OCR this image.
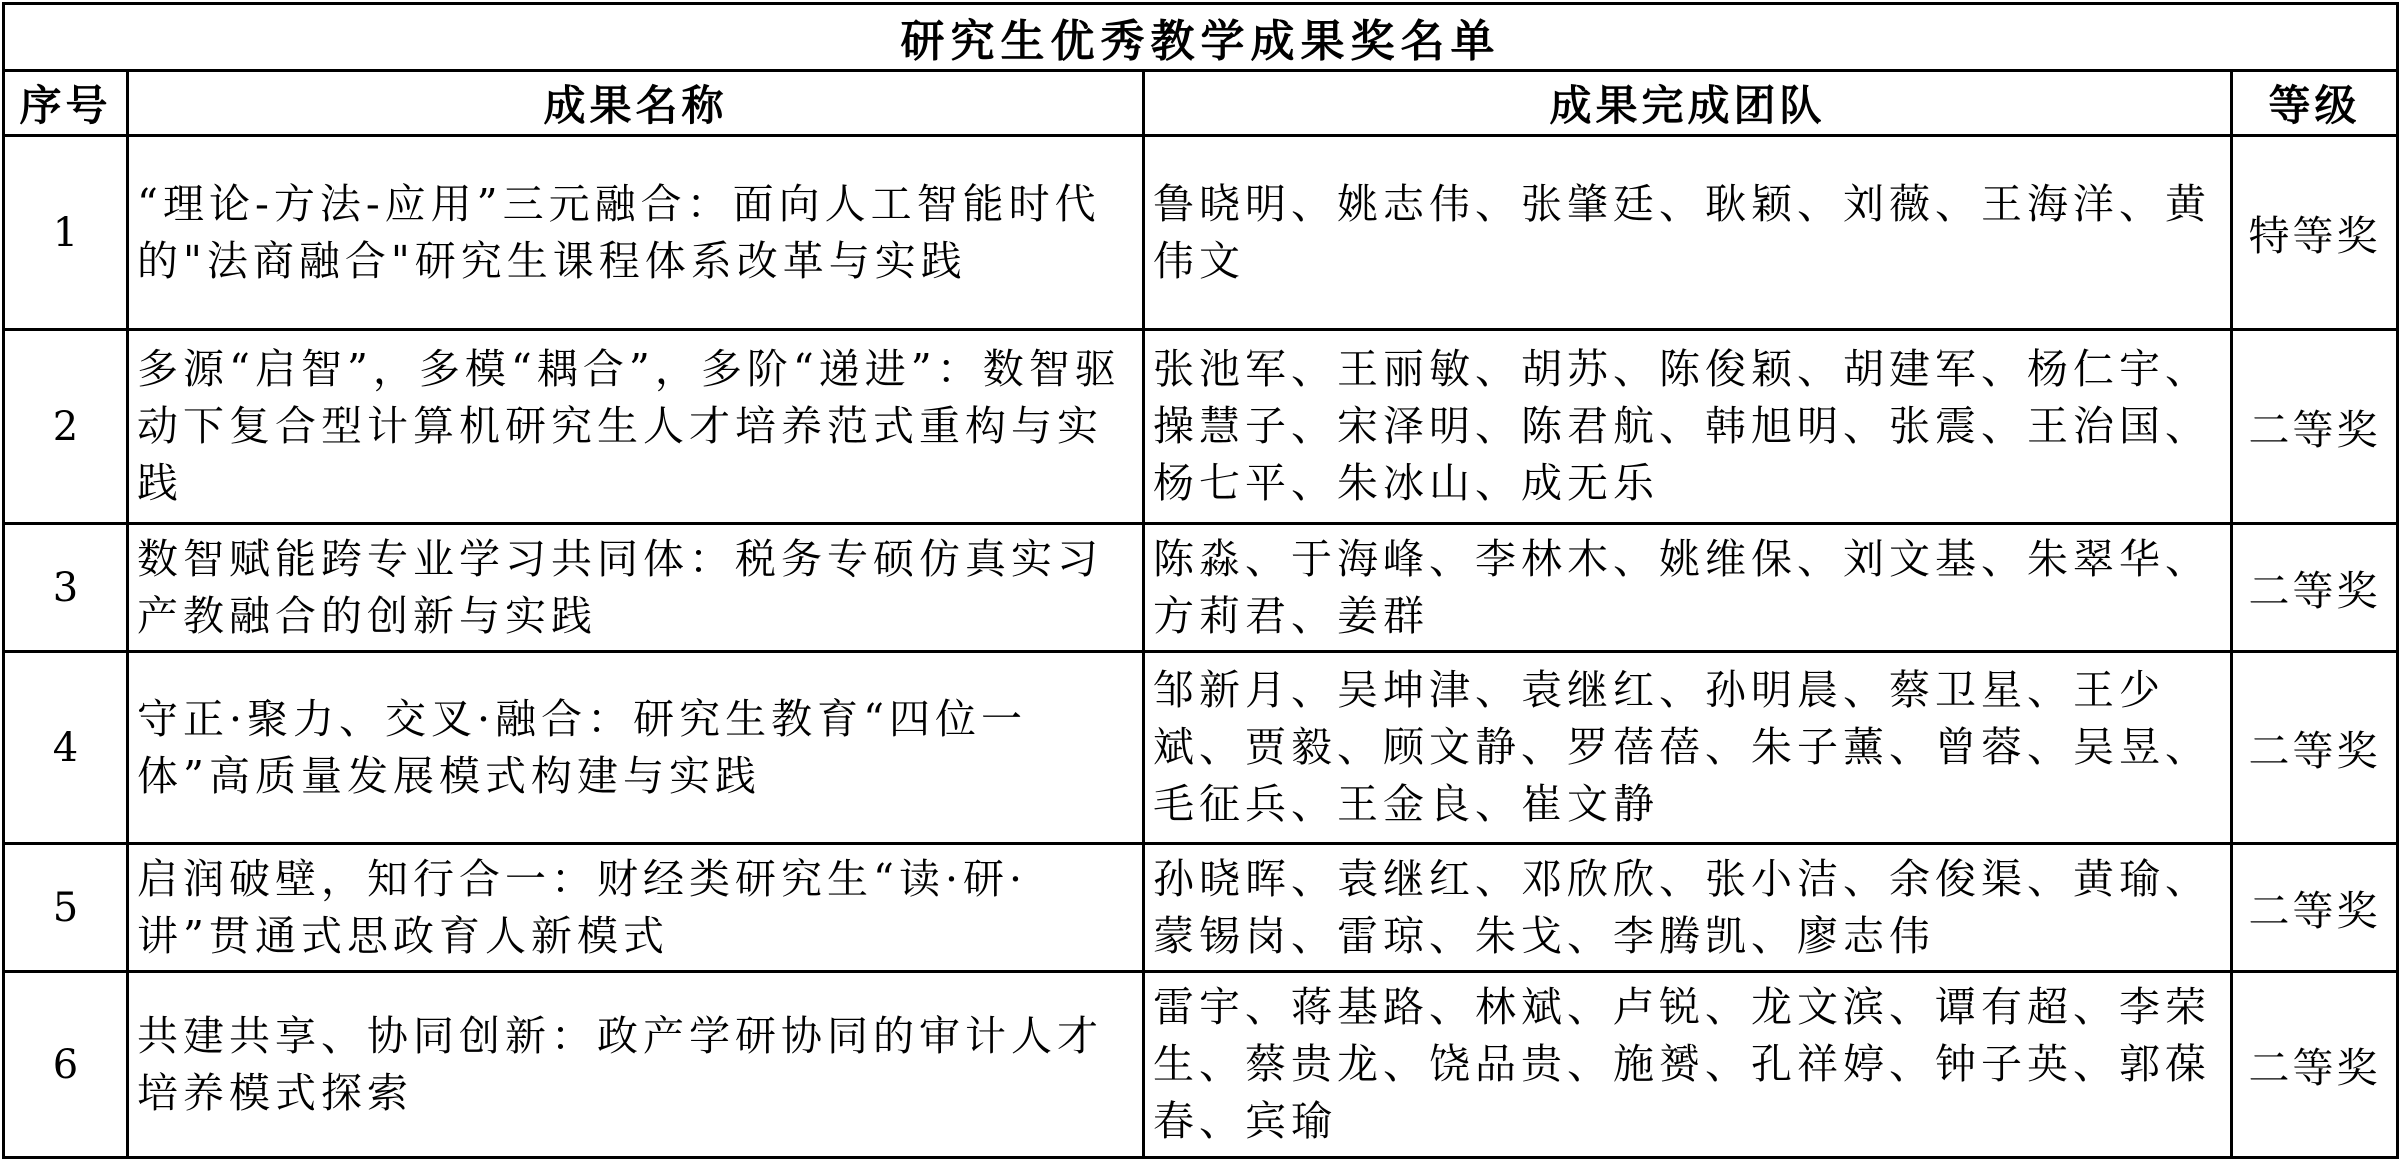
研究生优秀教学成果奖名单			
序号	成果名称	成果完成团队	等级
1	“理论-方法-应用”三元融合：面向人工智能时代的"法商融合"研究生课程体系改革与实践	鲁晓明、姚志伟、张肇廷、耿颖、刘薇、王海洋、黄伟文	特等奖
2	多源“启智”，多模“耦合”，多阶“递进”：数智驱动下复合型计算机研究生人才培养范式重构与实践	张池军、王丽敏、胡苏、陈俊颖、胡建军、杨仁宇、操慧子、宋泽明、陈君航、韩旭明、张震、王治国、杨七平、朱冰山、成无乐	二等奖
3	数智赋能跨专业学习共同体：税务专硕仿真实习产教融合的创新与实践	陈淼、于海峰、李林木、姚维保、刘文基、朱翠华、方莉君、姜群	二等奖
4	守正·聚力、交叉·融合：研究生教育“四位一体”高质量发展模式构建与实践	邹新月、吴坤津、袁继红、孙明晨、蔡卫星、王少斌、贾毅、顾文静、罗蓓蓓、朱子薰、曾蓉、吴昱、毛征兵、王金良、崔文静	二等奖
5	启润破壁，知行合一：财经类研究生“读·研·讲”贯通式思政育人新模式	孙晓晖、袁继红、邓欣欣、张小洁、余俊渠、黄瑜、蒙锡岗、雷琼、朱戈、李腾凯、廖志伟	二等奖
6	共建共享、协同创新：政产学研协同的审计人才培养模式探索	雷宇、蒋基路、林斌、卢锐、龙文滨、谭有超、李荣生、蔡贵龙、饶品贵、施赟、孔祥婷、钟子英、郭葆春、宾瑜	二等奖
